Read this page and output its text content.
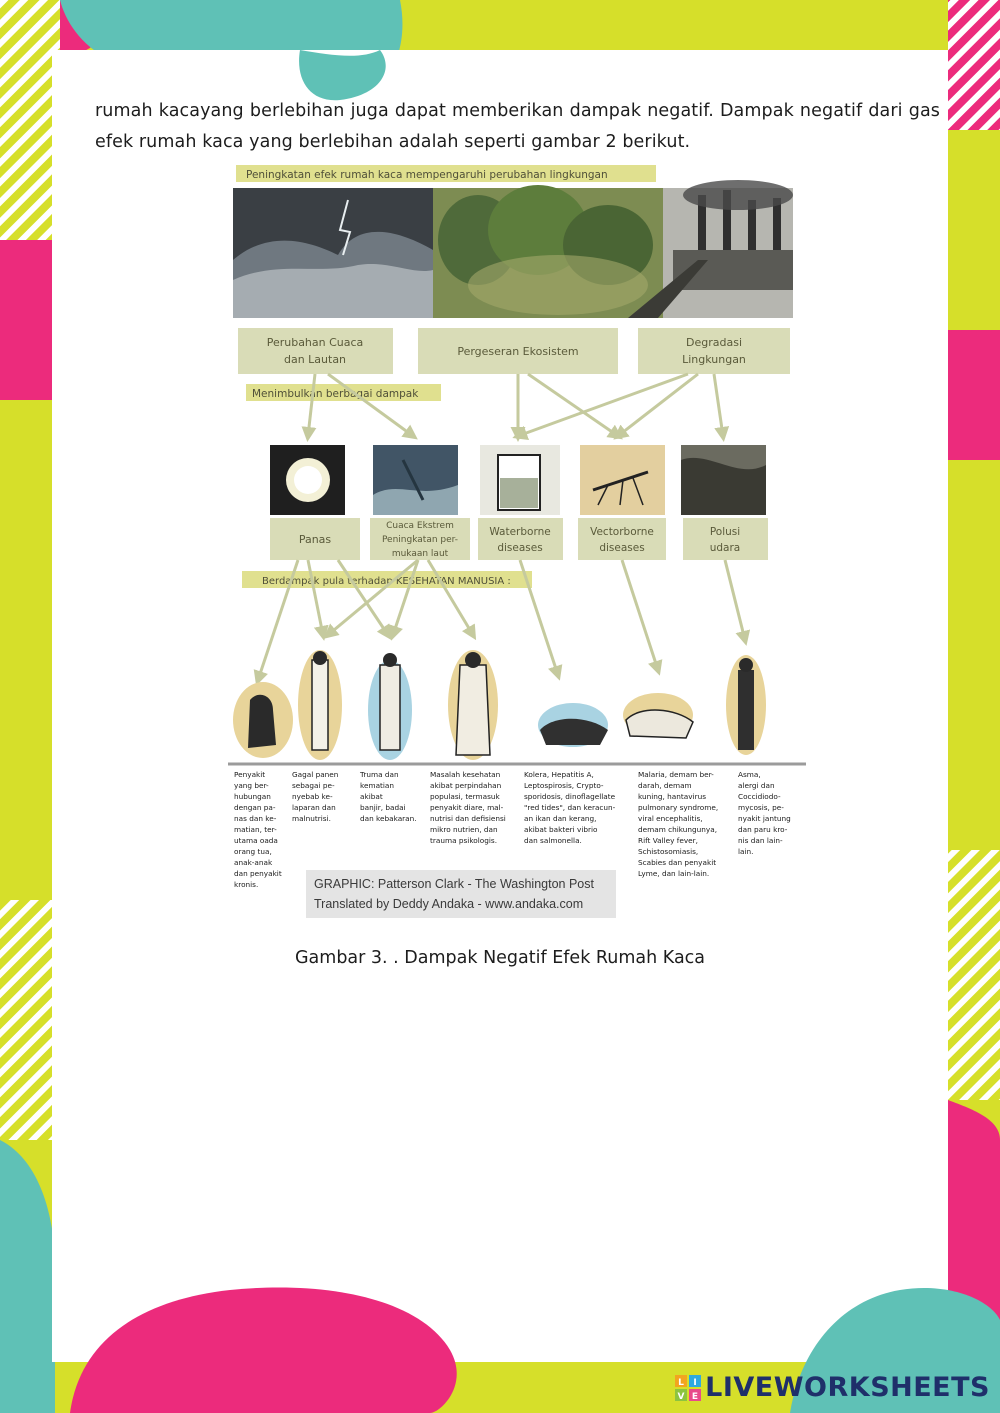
rumah kacayang berlebihan juga dapat memberikan dampak negatif. Dampak negatif dari gas efek rumah kaca yang berlebihan adalah seperti gambar 2 berikut.
Peningkatan efek rumah kaca mempengaruhi perubahan lingkungan
Perubahan Cuaca
dan Lautan
Pergeseran Ekosistem
Degradasi
Lingkungan
Menimbulkan berbagai dampak
Panas
Cuaca Ekstrem
Peningkatan per-
mukaan laut
Waterborne
diseases
Vectorborne
diseases
Polusi
udara
Berdampak pula terhadap KESEHATAN MANUSIA :
Penyakit yang ber- hubungan dengan pa- nas dan ke- matian, ter- utama oada orang tua, anak-anak dan penyakit kronis.
Gagal panen sebagai pe- nyebab ke- laparan dan malnutrisi.
Truma dan kematian akibat banjir, badai dan kebakaran.
Masalah kesehatan akibat perpindahan populasi, termasuk penyakit diare, mal- nutrisi dan defisiensi mikro nutrien, dan trauma psikologis.
Kolera, Hepatitis A, Leptospirosis, Crypto- sporidosis, dinoflagellate "red tides", dan keracun- an ikan dan kerang, akibat bakteri vibrio dan salmonella.
Malaria, demam ber- darah, demam kuning, hantavirus pulmonary syndrome, viral encephalitis, demam chikungunya, Rift Valley fever, Schistosomiasis, Scabies dan penyakit Lyme, dan lain-lain.
Asma, alergi dan Coccidiodo- mycosis, pe- nyakit jantung dan paru kro- nis dan lain- lain.
GRAPHIC: Patterson Clark - The Washington Post
Translated by Deddy Andaka - www.andaka.com
Gambar 3. . Dampak Negatif Efek Rumah Kaca
L I
V E LIVEWORKSHEETS
